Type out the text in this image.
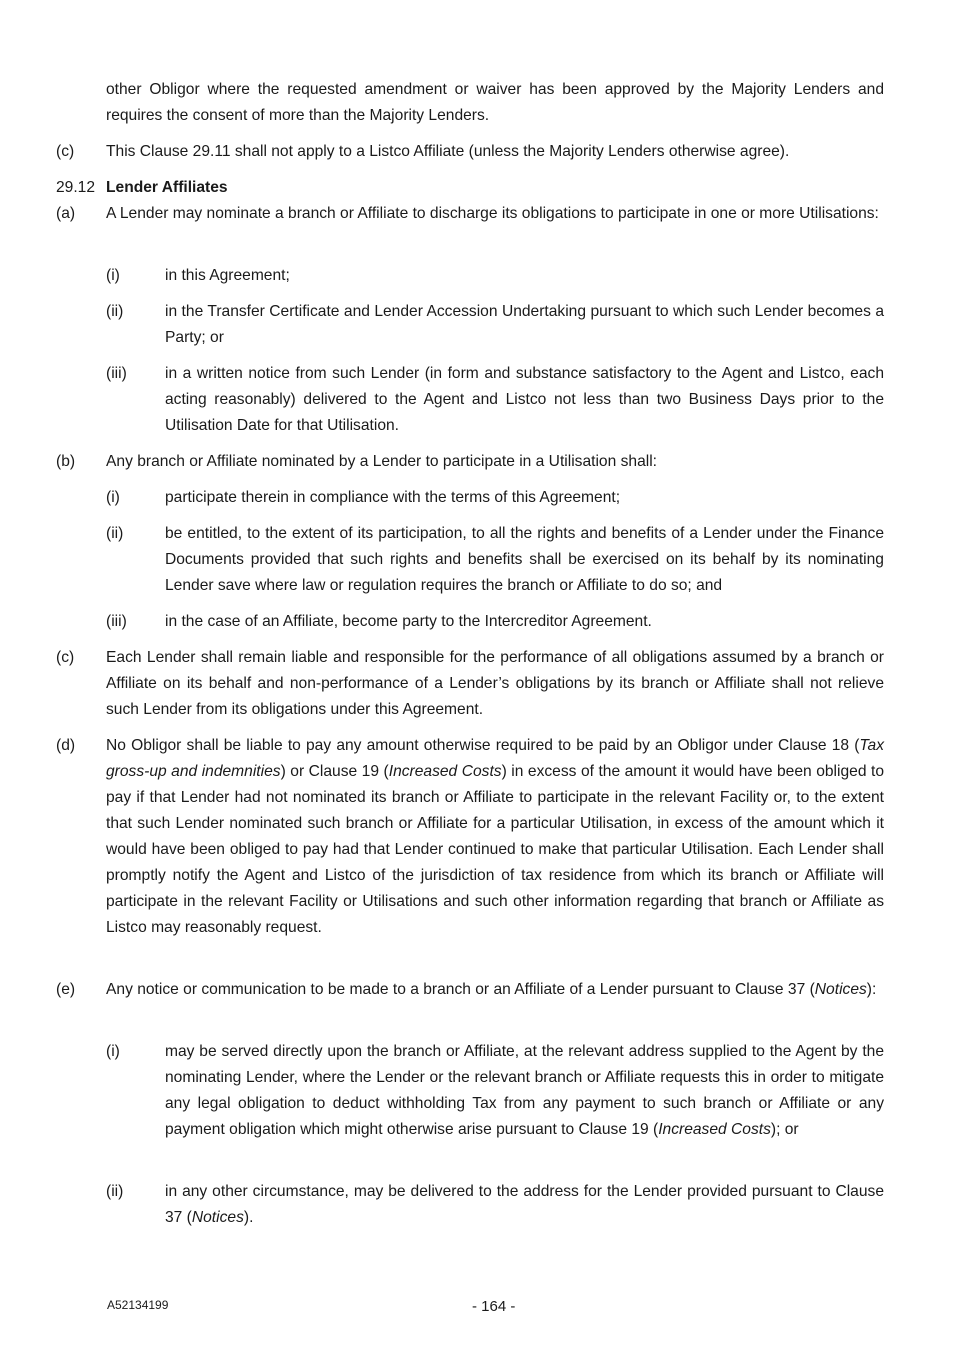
other Obligor where the requested amendment or waiver has been approved by the Majority Lenders and requires the consent of more than the Majority Lenders.
(c) This Clause 29.11 shall not apply to a Listco Affiliate (unless the Majority Lenders otherwise agree).
29.12 Lender Affiliates
(a) A Lender may nominate a branch or Affiliate to discharge its obligations to participate in one or more Utilisations:
(i)	in this Agreement;
(ii)	in the Transfer Certificate and Lender Accession Undertaking pursuant to which such Lender becomes a Party; or
(iii) in a written notice from such Lender (in form and substance satisfactory to the Agent and Listco, each acting reasonably) delivered to the Agent and Listco not less than two Business Days prior to the Utilisation Date for that Utilisation.
(b) Any branch or Affiliate nominated by a Lender to participate in a Utilisation shall:
(i)	participate therein in compliance with the terms of this Agreement;
(ii)	be entitled, to the extent of its participation, to all the rights and benefits of a Lender under the Finance Documents provided that such rights and benefits shall be exercised on its behalf by its nominating Lender save where law or regulation requires the branch or Affiliate to do so; and
(iii) in the case of an Affiliate, become party to the Intercreditor Agreement.
(c) Each Lender shall remain liable and responsible for the performance of all obligations assumed by a branch or Affiliate on its behalf and non-performance of a Lender’s obligations by its branch or Affiliate shall not relieve such Lender from its obligations under this Agreement.
(d) No Obligor shall be liable to pay any amount otherwise required to be paid by an Obligor under Clause 18 (Tax gross-up and indemnities) or Clause 19 (Increased Costs) in excess of the amount it would have been obliged to pay if that Lender had not nominated its branch or Affiliate to participate in the relevant Facility or, to the extent that such Lender nominated such branch or Affiliate for a particular Utilisation, in excess of the amount which it would have been obliged to pay had that Lender continued to make that particular Utilisation. Each Lender shall promptly notify the Agent and Listco of the jurisdiction of tax residence from which its branch or Affiliate will participate in the relevant Facility or Utilisations and such other information regarding that branch or Affiliate as Listco may reasonably request.
(e) Any notice or communication to be made to a branch or an Affiliate of a Lender pursuant to Clause 37 (Notices):
(i)	may be served directly upon the branch or Affiliate, at the relevant address supplied to the Agent by the nominating Lender, where the Lender or the relevant branch or Affiliate requests this in order to mitigate any legal obligation to deduct withholding Tax from any payment to such branch or Affiliate or any payment obligation which might otherwise arise pursuant to Clause 19 (Increased Costs); or
(ii)	in any other circumstance, may be delivered to the address for the Lender provided pursuant to Clause 37 (Notices).
A52134199	- 164 -
